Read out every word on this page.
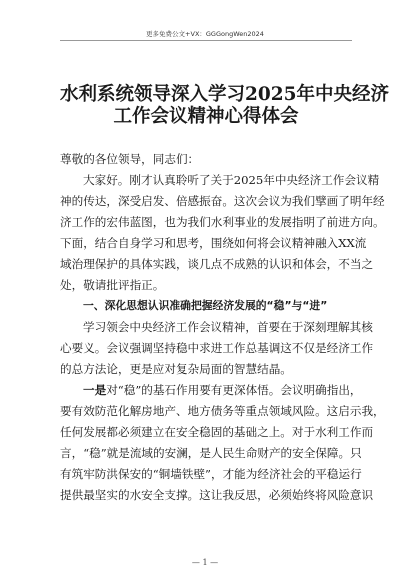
更多免费公文+VX：GGGongWen2024
水利系统领导深入学习2025年中央经济
工作会议精神心得体会
尊敬的各位领导，同志们：
大家好。刚才认真聆听了关于2025年中央经济工作会议精
神的传达，深受启发、倍感振奋。这次会议为我们擘画了明年经
济工作的宏伟蓝图，也为我们水利事业的发展指明了前进方向。
下面，结合自身学习和思考，围绕如何将会议精神融入XX流
域治理保护的具体实践，谈几点不成熟的认识和体会，不当之
处，敬请批评指正。
一、深化思想认识准确把握经济发展的“稳”与“进”
学习领会中央经济工作会议精神，首要在于深刻理解其核
心要义。会议强调坚持稳中求进工作总基调这不仅是经济工作
的总方法论，更是应对复杂局面的智慧结晶。
一是对“稳”的基石作用要有更深体悟。会议明确指出，
要有效防范化解房地产、地方债务等重点领域风险。这启示我，
任何发展都必须建立在安全稳固的基础之上。对于水利工作而
言，“稳”就是流域的安澜，是人民生命财产的安全保障。只
有筑牢防洪保安的“铜墙铁壁”，才能为经济社会的平稳运行
提供最坚实的水安全支撑。这让我反思，必须始终将风险意识
— 1 —
